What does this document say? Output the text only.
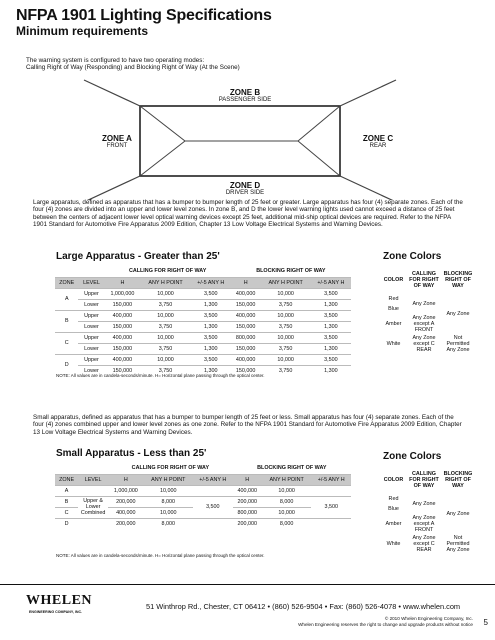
NFPA 1901 Lighting Specifications
Minimum requirements
The warning system is configured to have two operating modes:
Calling Right of Way (Responding) and Blocking Right of Way (At the Scene)
ZONE B
PASSENGER SIDE
ZONE A
FRONT
ZONE C
REAR
ZONE D
DRIVER SIDE
Large apparatus, defined as apparatus that has a bumper to bumper length of 25 feet or greater. Large apparatus has four (4) separate zones. Each of the four (4) zones are divided into an upper and lower level zones. In zone B, and D the lower level warning lights used cannot exceed a distance of 25 feet between the centers of adjacent lower level optical warning devices except 25 feet, additional mid-ship optical devices are required. Refer to the NFPA 1901 Standard for Automotive Fire Apparatus 2009 Edition, Chapter 13 Low Voltage Electrical Systems and Warning Devices.
Large Apparatus - Greater than 25'
		CALLING FOR RIGHT OF WAY			BLOCKING RIGHT OF WAY		
ZONE	LEVEL	H	ANY H POINT	+/-5 ANY H	H	ANY H POINT	+/-5 ANY H
A	Upper	1,000,000	10,000	3,500	400,000	10,000	3,500
	Lower	150,000	3,750	1,300	150,000	3,750	1,300
B	Upper	400,000	10,000	3,500	400,000	10,000	3,500
	Lower	150,000	3,750	1,300	150,000	3,750	1,300
C	Upper	400,000	10,000	3,500	800,000	10,000	3,500
	Lower	150,000	3,750	1,300	150,000	3,750	1,300
D	Upper	400,000	10,000	3,500	400,000	10,000	3,500
	Lower	150,000	3,750	1,300	150,000	3,750	1,300
NOTE: All values are in candela-seconds/minute. H= Horizontal plane passing through the optical center.
Zone Colors
COLOR	CALLING FOR RIGHT OF WAY	BLOCKING RIGHT OF WAY
Red	Any Zone	Any Zone
Blue		
Amber	Any Zone except A FRONT	
White	Any Zone except C REAR	Not Permitted Any Zone
Small apparatus, defined as apparatus that has a bumper to bumper length of 25 feet or less. Small apparatus has four (4) separate zones. Each of the four (4) zones combined upper and lower level zones as one zone. Refer to the NFPA 1901 Standard for Automotive Fire Apparatus 2009 Edition, Chapter 13 Low Voltage Electrical Systems and Warning Devices.
Small Apparatus - Less than 25'
		CALLING FOR RIGHT OF WAY			BLOCKING RIGHT OF WAY		
ZONE	LEVEL	H	ANY H POINT	+/-5 ANY H	H	ANY H POINT	+/-5 ANY H
A		1,000,000	10,000		400,000	10,000	
B	Upper & Lower Combined	200,000	8,000	3,500	200,000	8,000	3,500
C		400,000	10,000		800,000	10,000	
D		200,000	8,000		200,000	8,000	
NOTE: All values are in candela-seconds/minute. H= Horizontal plane passing through the optical center.
Zone Colors
COLOR	CALLING FOR RIGHT OF WAY	BLOCKING RIGHT OF WAY
Red	Any Zone	Any Zone
Blue		
Amber	Any Zone except A FRONT	
White	Any Zone except C REAR	Not Permitted Any Zone
WHELEN
ENGINEERING COMPANY, INC.
51 Winthrop Rd., Chester, CT 06412 • (860) 526-9504 • Fax: (860) 526-4078 • www.whelen.com
© 2010 Whelen Engineering Company, Inc.
Whelen Engineering reserves the right to change and upgrade products without notice 5
